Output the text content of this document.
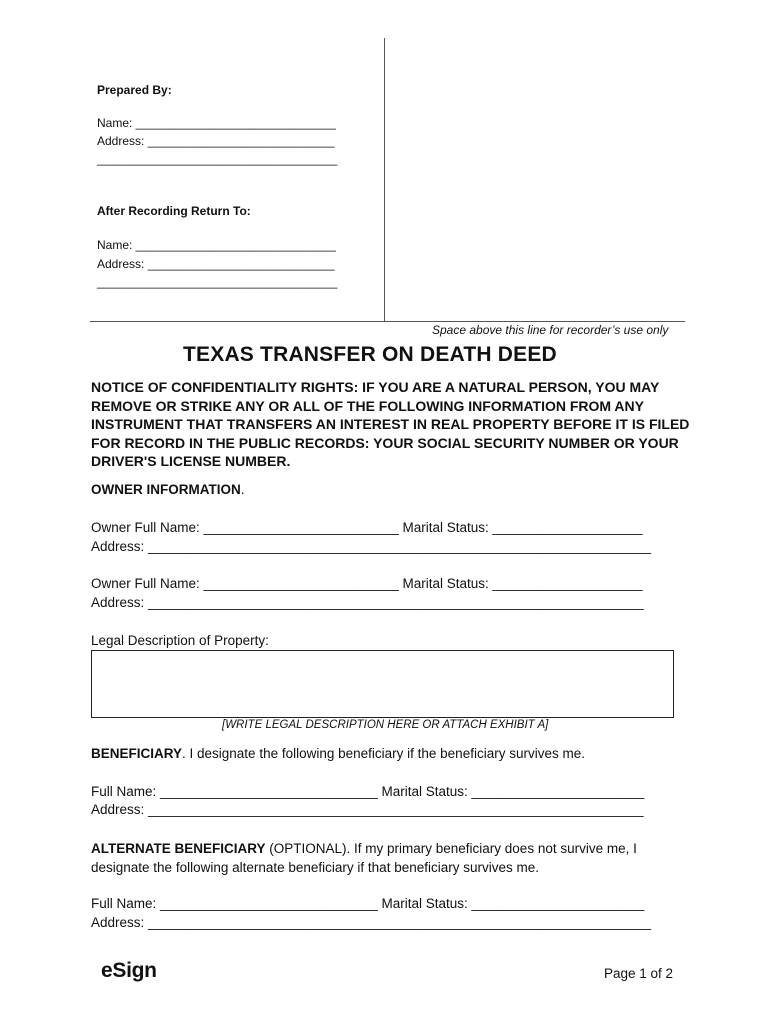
Prepared By:
Name: ______________________________
Address: ____________________________
____________________________________
After Recording Return To:
Name: ______________________________
Address: ____________________________
____________________________________
Space above this line for recorder’s use only
TEXAS TRANSFER ON DEATH DEED
NOTICE OF CONFIDENTIALITY RIGHTS: IF YOU ARE A NATURAL PERSON, YOU MAY REMOVE OR STRIKE ANY OR ALL OF THE FOLLOWING INFORMATION FROM ANY INSTRUMENT THAT TRANSFERS AN INTEREST IN REAL PROPERTY BEFORE IT IS FILED FOR RECORD IN THE PUBLIC RECORDS: YOUR SOCIAL SECURITY NUMBER OR YOUR DRIVER'S LICENSE NUMBER.
OWNER INFORMATION.
Owner Full Name: __________________________ Marital Status: ____________________
Address: ___________________________________________________________________
Owner Full Name: __________________________ Marital Status: ____________________
Address: __________________________________________________________________
Legal Description of Property:
[WRITE LEGAL DESCRIPTION HERE OR ATTACH EXHIBIT A]
BENEFICIARY. I designate the following beneficiary if the beneficiary survives me.
Full Name: _____________________________ Marital Status: _______________________
Address: __________________________________________________________________
ALTERNATE BENEFICIARY (OPTIONAL). If my primary beneficiary does not survive me, I designate the following alternate beneficiary if that beneficiary survives me.
Full Name: _____________________________ Marital Status: _______________________
Address: ___________________________________________________________________
eSign	Page 1 of 2
